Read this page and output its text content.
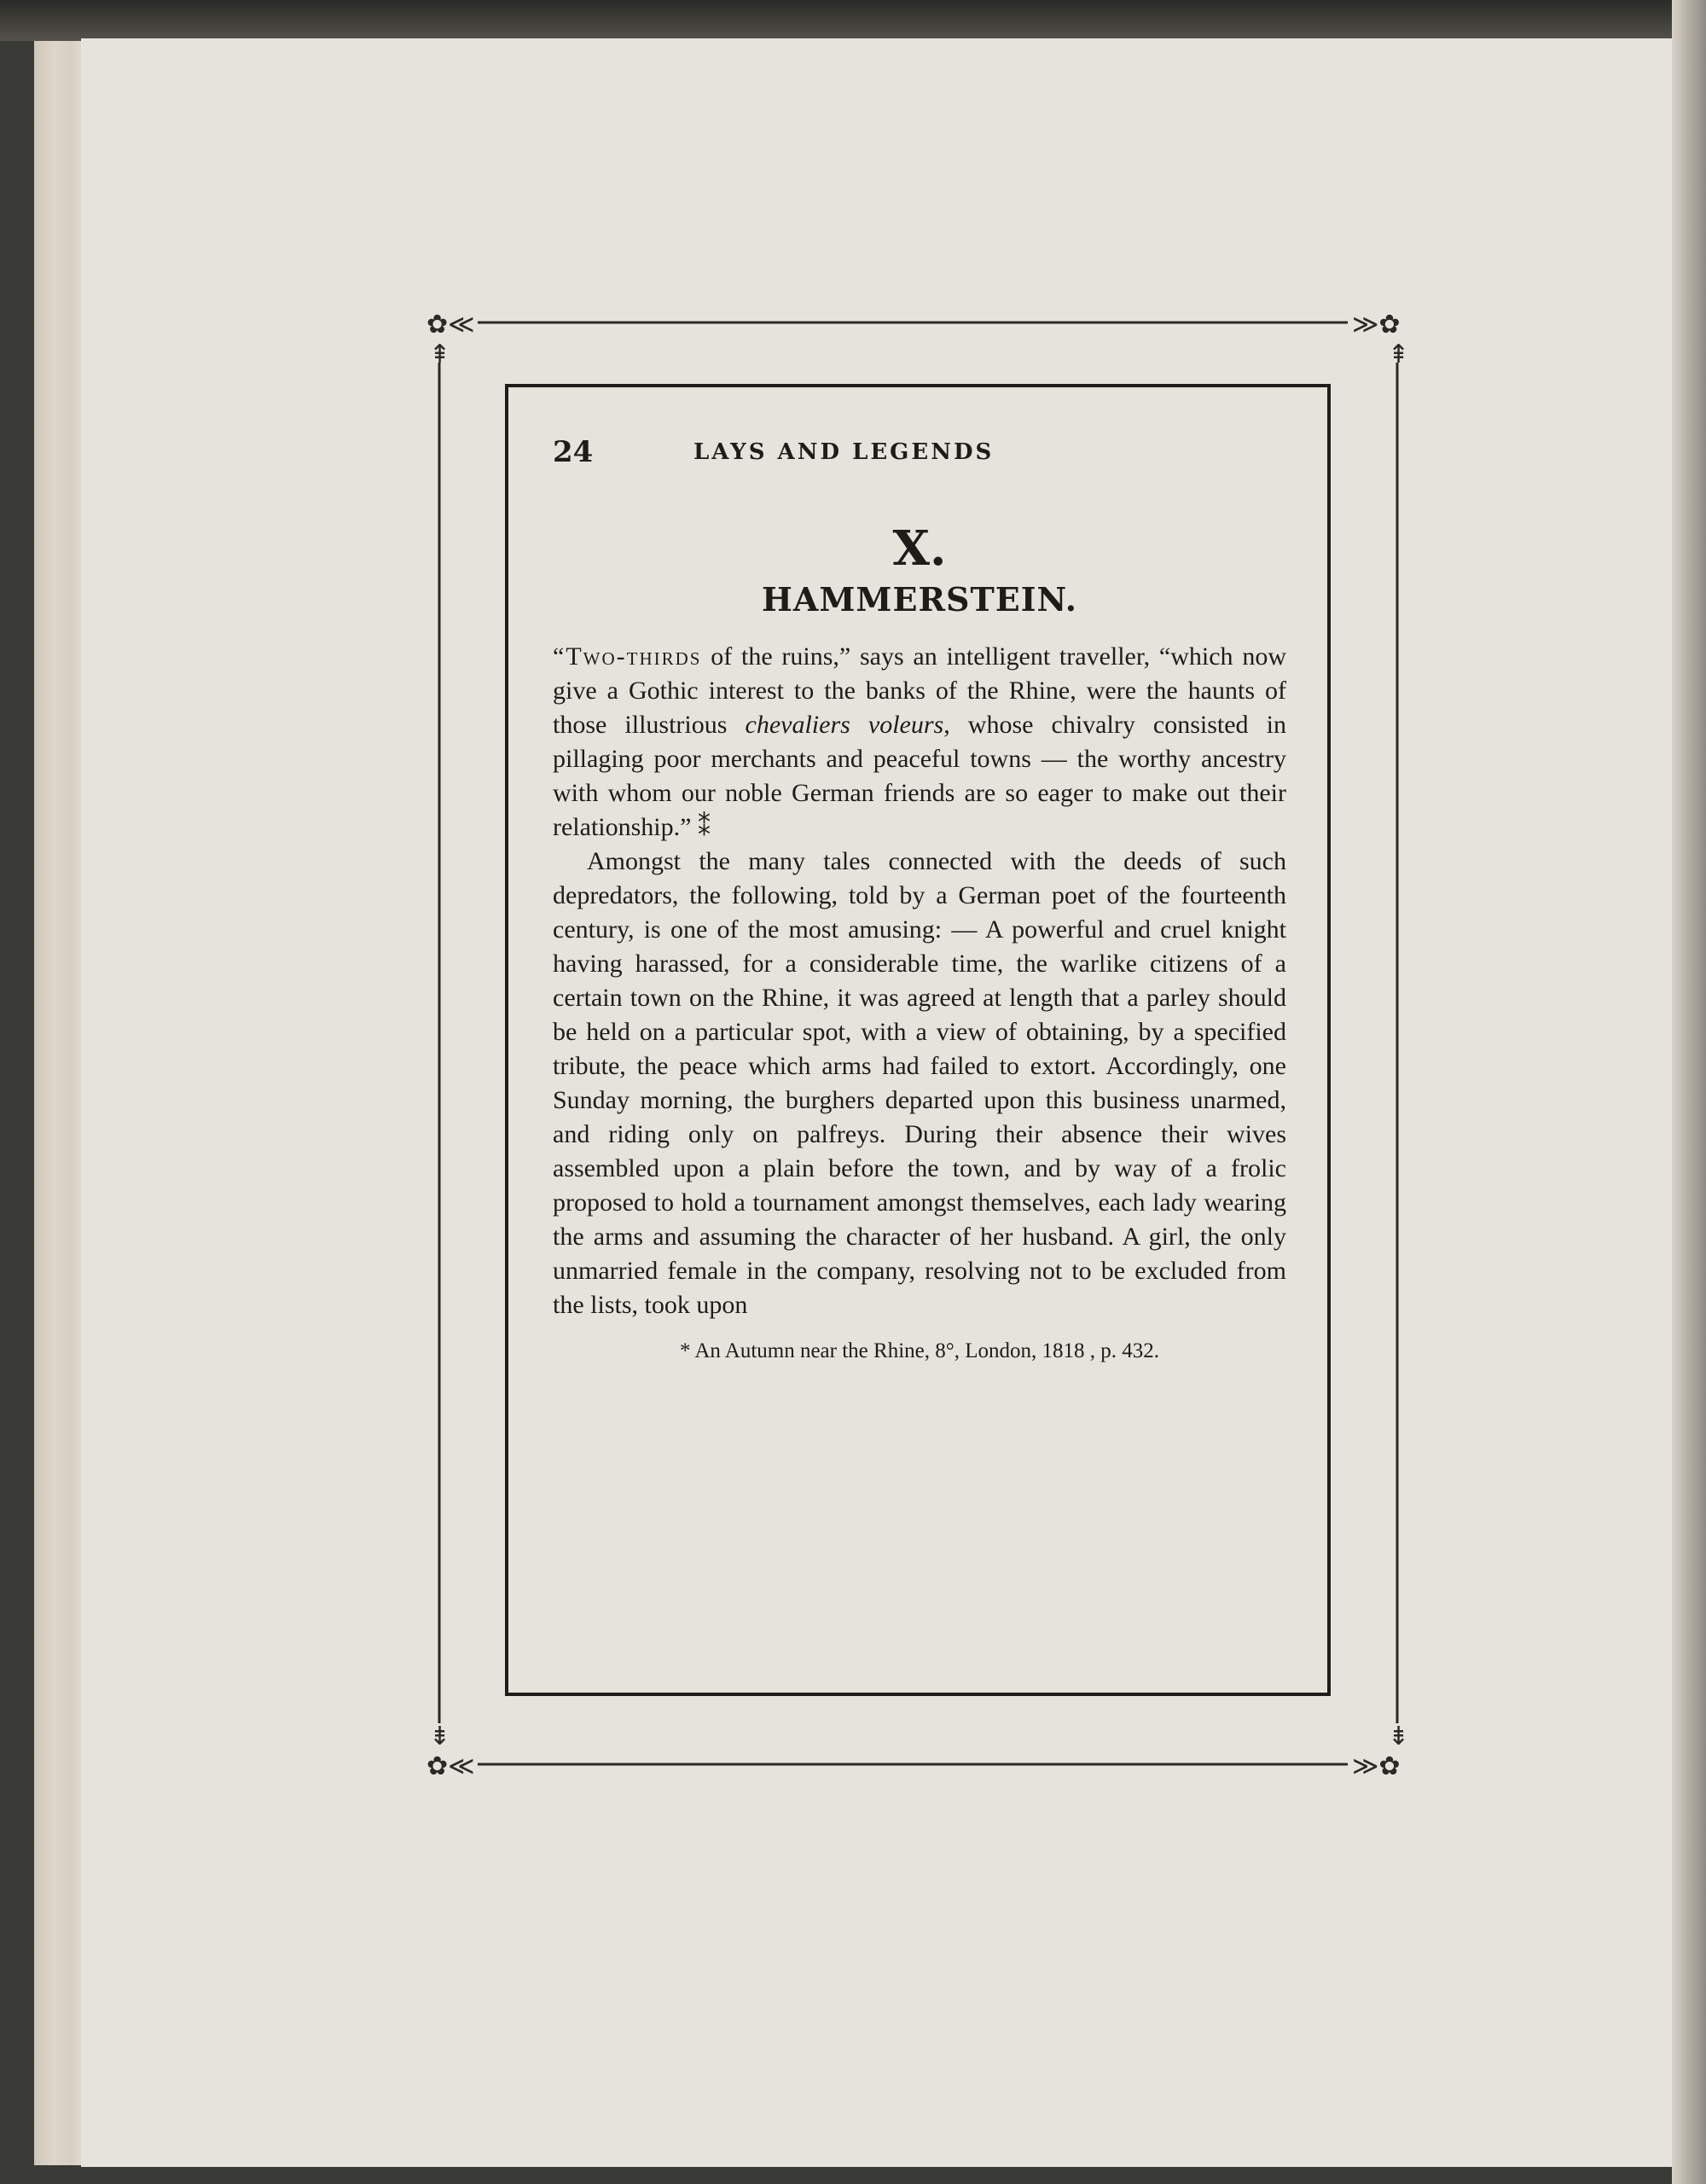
✿≪	≫✿
✿≪	≫✿
⇞	⇞
⇟	⇟
24	LAYS AND LEGENDS
X.
HAMMERSTEIN.

“Two-thirds of the ruins,” says an intelligent traveller, “which now give a Gothic interest to the banks of the Rhine, were the haunts of those illustrious chevaliers voleurs, whose chivalry consisted in pillaging poor merchants and peaceful towns — the worthy ancestry with whom our noble German friends are so eager to make out their relationship.” ⁑

Amongst the many tales connected with the deeds of such depredators, the following, told by a German poet of the fourteenth century, is one of the most amusing: — A powerful and cruel knight having harassed, for a considerable time, the warlike citizens of a certain town on the Rhine, it was agreed at length that a parley should be held on a particular spot, with a view of obtaining, by a specified tribute, the peace which arms had failed to extort. Accordingly, one Sunday morning, the burghers departed upon this business unarmed, and riding only on palfreys. During their absence their wives assembled upon a plain before the town, and by way of a frolic proposed to hold a tournament amongst themselves, each lady wearing the arms and assuming the character of her husband. A girl, the only unmarried female in the company, resolving not to be excluded from the lists, took upon

* An Autumn near the Rhine, 8°, London, 1818 , p. 432.
